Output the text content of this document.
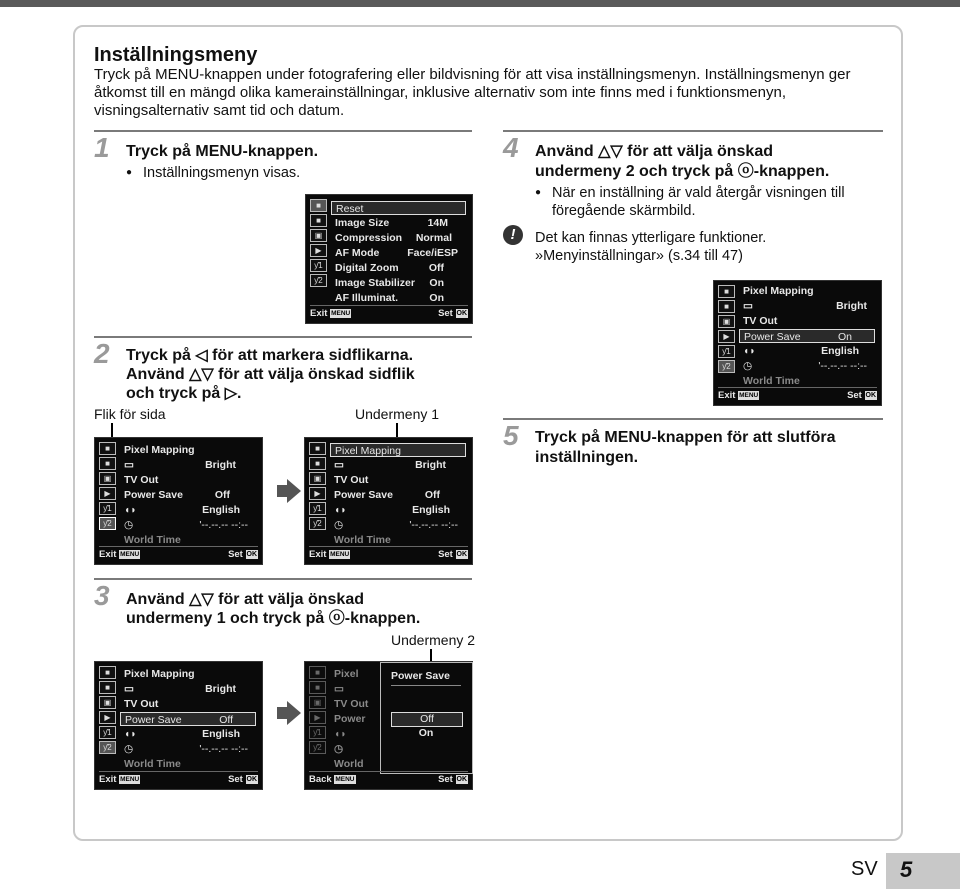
Inställningsmeny
Tryck på MENU-knappen under fotografering eller bildvisning för att visa inställningsmenyn. Inställningsmenyn ger åtkomst till en mängd olika kamerainställningar, inklusive alternativ som inte finns med i funktionsmenyn, visningsalternativ samt tid och datum.
1 Tryck på MENU-knappen.
● Inställningsmenyn visas.
■
■
▣
▶
ƴ1
ƴ2
Reset
Image Size	14M
Compression Normal
AF Mode	Face/iESP
Digital Zoom	Off
Image Stabilizer On
AF Illuminat.	On
Exit MENU	Set OK
2 Tryck på ◁ för att markera sidflikarna.
Använd △▽ för att välja önskad sidflik
och tryck på ▷.
Flik för sida	Undermeny 1
■
■
▣
▶
ƴ1
ƴ2
Pixel Mapping
▭	Bright
TV Out
Power Save	Off
◖◗	English
◷	'--.--.-- --:--
World Time
Exit MENU	Set OK
■
■
▣
▶
ƴ1
ƴ2
Pixel Mapping
▭	Bright
TV Out
Power Save	Off
◖◗	English
◷	'--.--.-- --:--
World Time
Exit MENU	Set OK
3 Använd △▽ för att välja önskad
undermeny 1 och tryck på ⓞ-knappen.
Undermeny 2
■
■
▣
▶
ƴ1
ƴ2
Pixel Mapping
▭	Bright
TV Out
Power Save	Off
◖◗	English
◷	'--.--.-- --:--
World Time
Exit MENU	Set OK
■
■
▣
▶
ƴ1
ƴ2
Pixel
▭
TV Out
Power
◖◗
◷
World
Power Save
Off
On
Back MENU	Set OK
4 Använd △▽ för att välja önskad
undermeny 2 och tryck på ⓞ-knappen.
● När en inställning är vald återgår visningen till föregående skärmbild.
!	Det kan finnas ytterligare funktioner.
»Menyinställningar» (s.34 till 47)
■
■
▣
▶
ƴ1
ƴ2
Pixel Mapping
▭	Bright
TV Out
Power Save	On
◖◗	English
◷	'--.--.-- --:--
World Time
Exit MENU	Set OK
5 Tryck på MENU-knappen för att slutföra
inställningen.
SV 5
